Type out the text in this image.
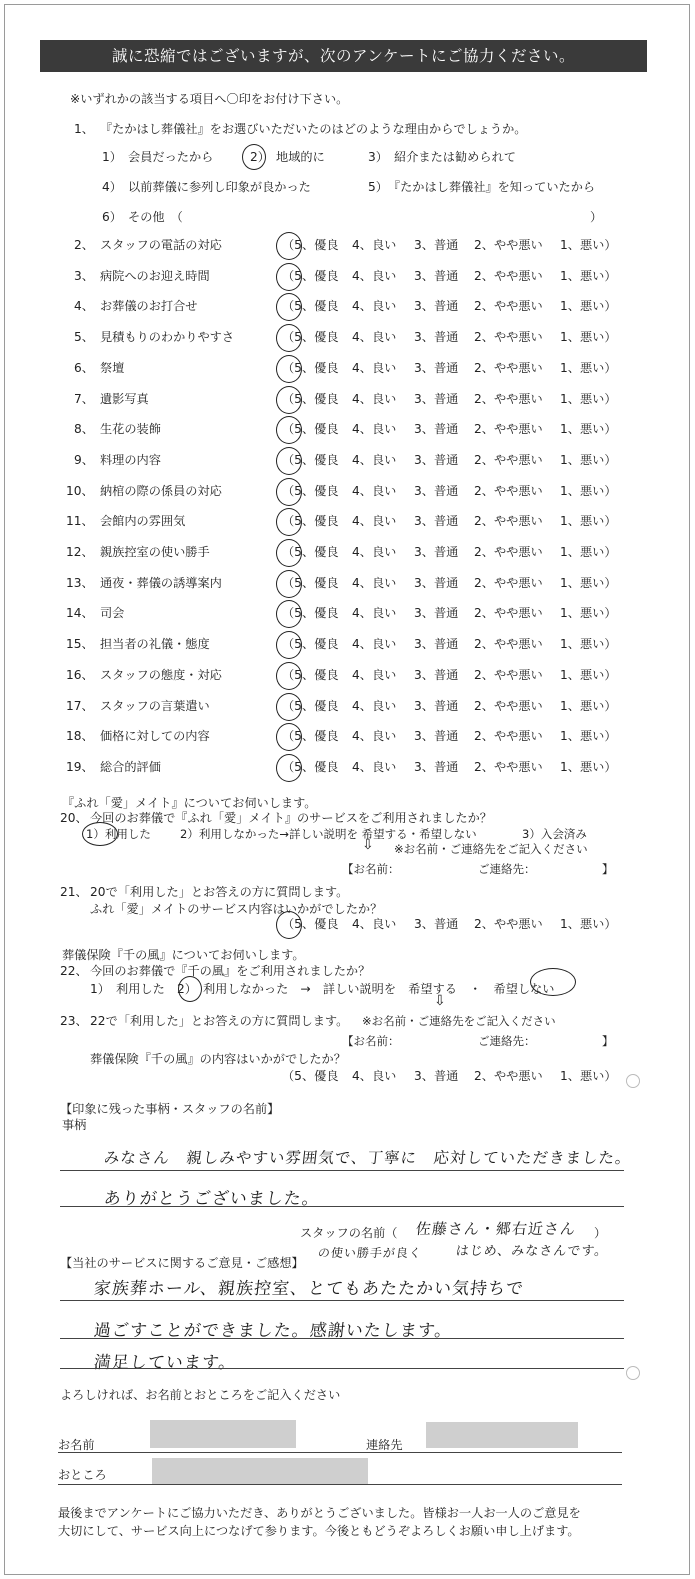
誠に恐縮ではございますが、次のアンケートにご協力ください。
※いずれかの該当する項目へ〇印をお付け下さい。
1、 『たかはし葬儀社』をお選びいただいたのはどのような理由からでしょうか。
1）　会員だったから	2）　地域的に	3）　紹介または勧められて
4）　以前葬儀に参列し印象が良かった	5）　『たかはし葬儀社』を知っていたから
6）　その他　（	）
2、 スタッフの電話の対応	（5、優良 4、良い 3、普通 2、やや悪い 1、悪い）
3、 病院へのお迎え時間	（5、優良 4、良い 3、普通 2、やや悪い 1、悪い）
4、 お葬儀のお打合せ	（5、優良 4、良い 3、普通 2、やや悪い 1、悪い）
5、 見積もりのわかりやすさ	（5、優良 4、良い 3、普通 2、やや悪い 1、悪い）
6、 祭壇	（5、優良 4、良い 3、普通 2、やや悪い 1、悪い）
7、 遺影写真	（5、優良 4、良い 3、普通 2、やや悪い 1、悪い）
8、 生花の装飾	（5、優良 4、良い 3、普通 2、やや悪い 1、悪い）
9、 料理の内容	（5、優良 4、良い 3、普通 2、やや悪い 1、悪い）
10、 納棺の際の係員の対応	（5、優良 4、良い 3、普通 2、やや悪い 1、悪い）
11、 会館内の雰囲気	（5、優良 4、良い 3、普通 2、やや悪い 1、悪い）
12、 親族控室の使い勝手	（5、優良 4、良い 3、普通 2、やや悪い 1、悪い）
13、 通夜・葬儀の誘導案内	（5、優良 4、良い 3、普通 2、やや悪い 1、悪い）
14、 司会	（5、優良 4、良い 3、普通 2、やや悪い 1、悪い）
15、 担当者の礼儀・態度	（5、優良 4、良い 3、普通 2、やや悪い 1、悪い）
16、 スタッフの態度・対応	（5、優良 4、良い 3、普通 2、やや悪い 1、悪い）
17、 スタッフの言葉遣い	（5、優良 4、良い 3、普通 2、やや悪い 1、悪い）
18、 価格に対しての内容	（5、優良 4、良い 3、普通 2、やや悪い 1、悪い）
19、 総合的評価	（5、優良 4、良い 3、普通 2、やや悪い 1、悪い）
『ふれ「愛」メイト』についてお伺いします。
20、 今回のお葬儀で『ふれ「愛」メイト』のサービスをご利用されましたか？
1）利用した	2）利用しなかった→詳しい説明を 希望する・希望しない	3）入会済み
⇩ ※お名前・ご連絡先をご記入ください
【お名前：	ご連絡先：	】
21、 20で「利用した」とお答えの方に質問します。
ふれ「愛」メイトのサービス内容はいかがでしたか？
（5、優良 4、良い 3、普通 2、やや悪い 1、悪い）
葬儀保険『千の風』についてお伺いします。
22、 今回のお葬儀で『千の風』をご利用されましたか？
1）　利用した　2）　利用しなかった　→　詳しい説明を　希望する　・　希望しない
⇩
23、 22で「利用した」とお答えの方に質問します。 ※お名前・ご連絡先をご記入ください
【お名前：	ご連絡先：	】
葬儀保険『千の風』の内容はいかがでしたか？
（5、優良 4、良い 3、普通 2、やや悪い 1、悪い）
【印象に残った事柄・スタッフの名前】
事柄
みなさん　親しみやすい雰囲気で、丁寧に　応対していただきました。
ありがとうございました。
スタッフの名前（ 佐藤さん・郷右近さん ）
【当社のサービスに関するご意見・ご感想】
の使い勝手が良く はじめ、みなさんです。
家族葬ホール、親族控室、とてもあたたかい気持ちで
過ごすことができました。感謝いたします。
満足しています。
よろしければ、お名前とおところをご記入ください
お名前	連絡先
おところ
最後までアンケートにご協力いただき、ありがとうございました。皆様お一人お一人のご意見を
大切にして、サービス向上につなげて参ります。今後ともどうぞよろしくお願い申し上げます。
